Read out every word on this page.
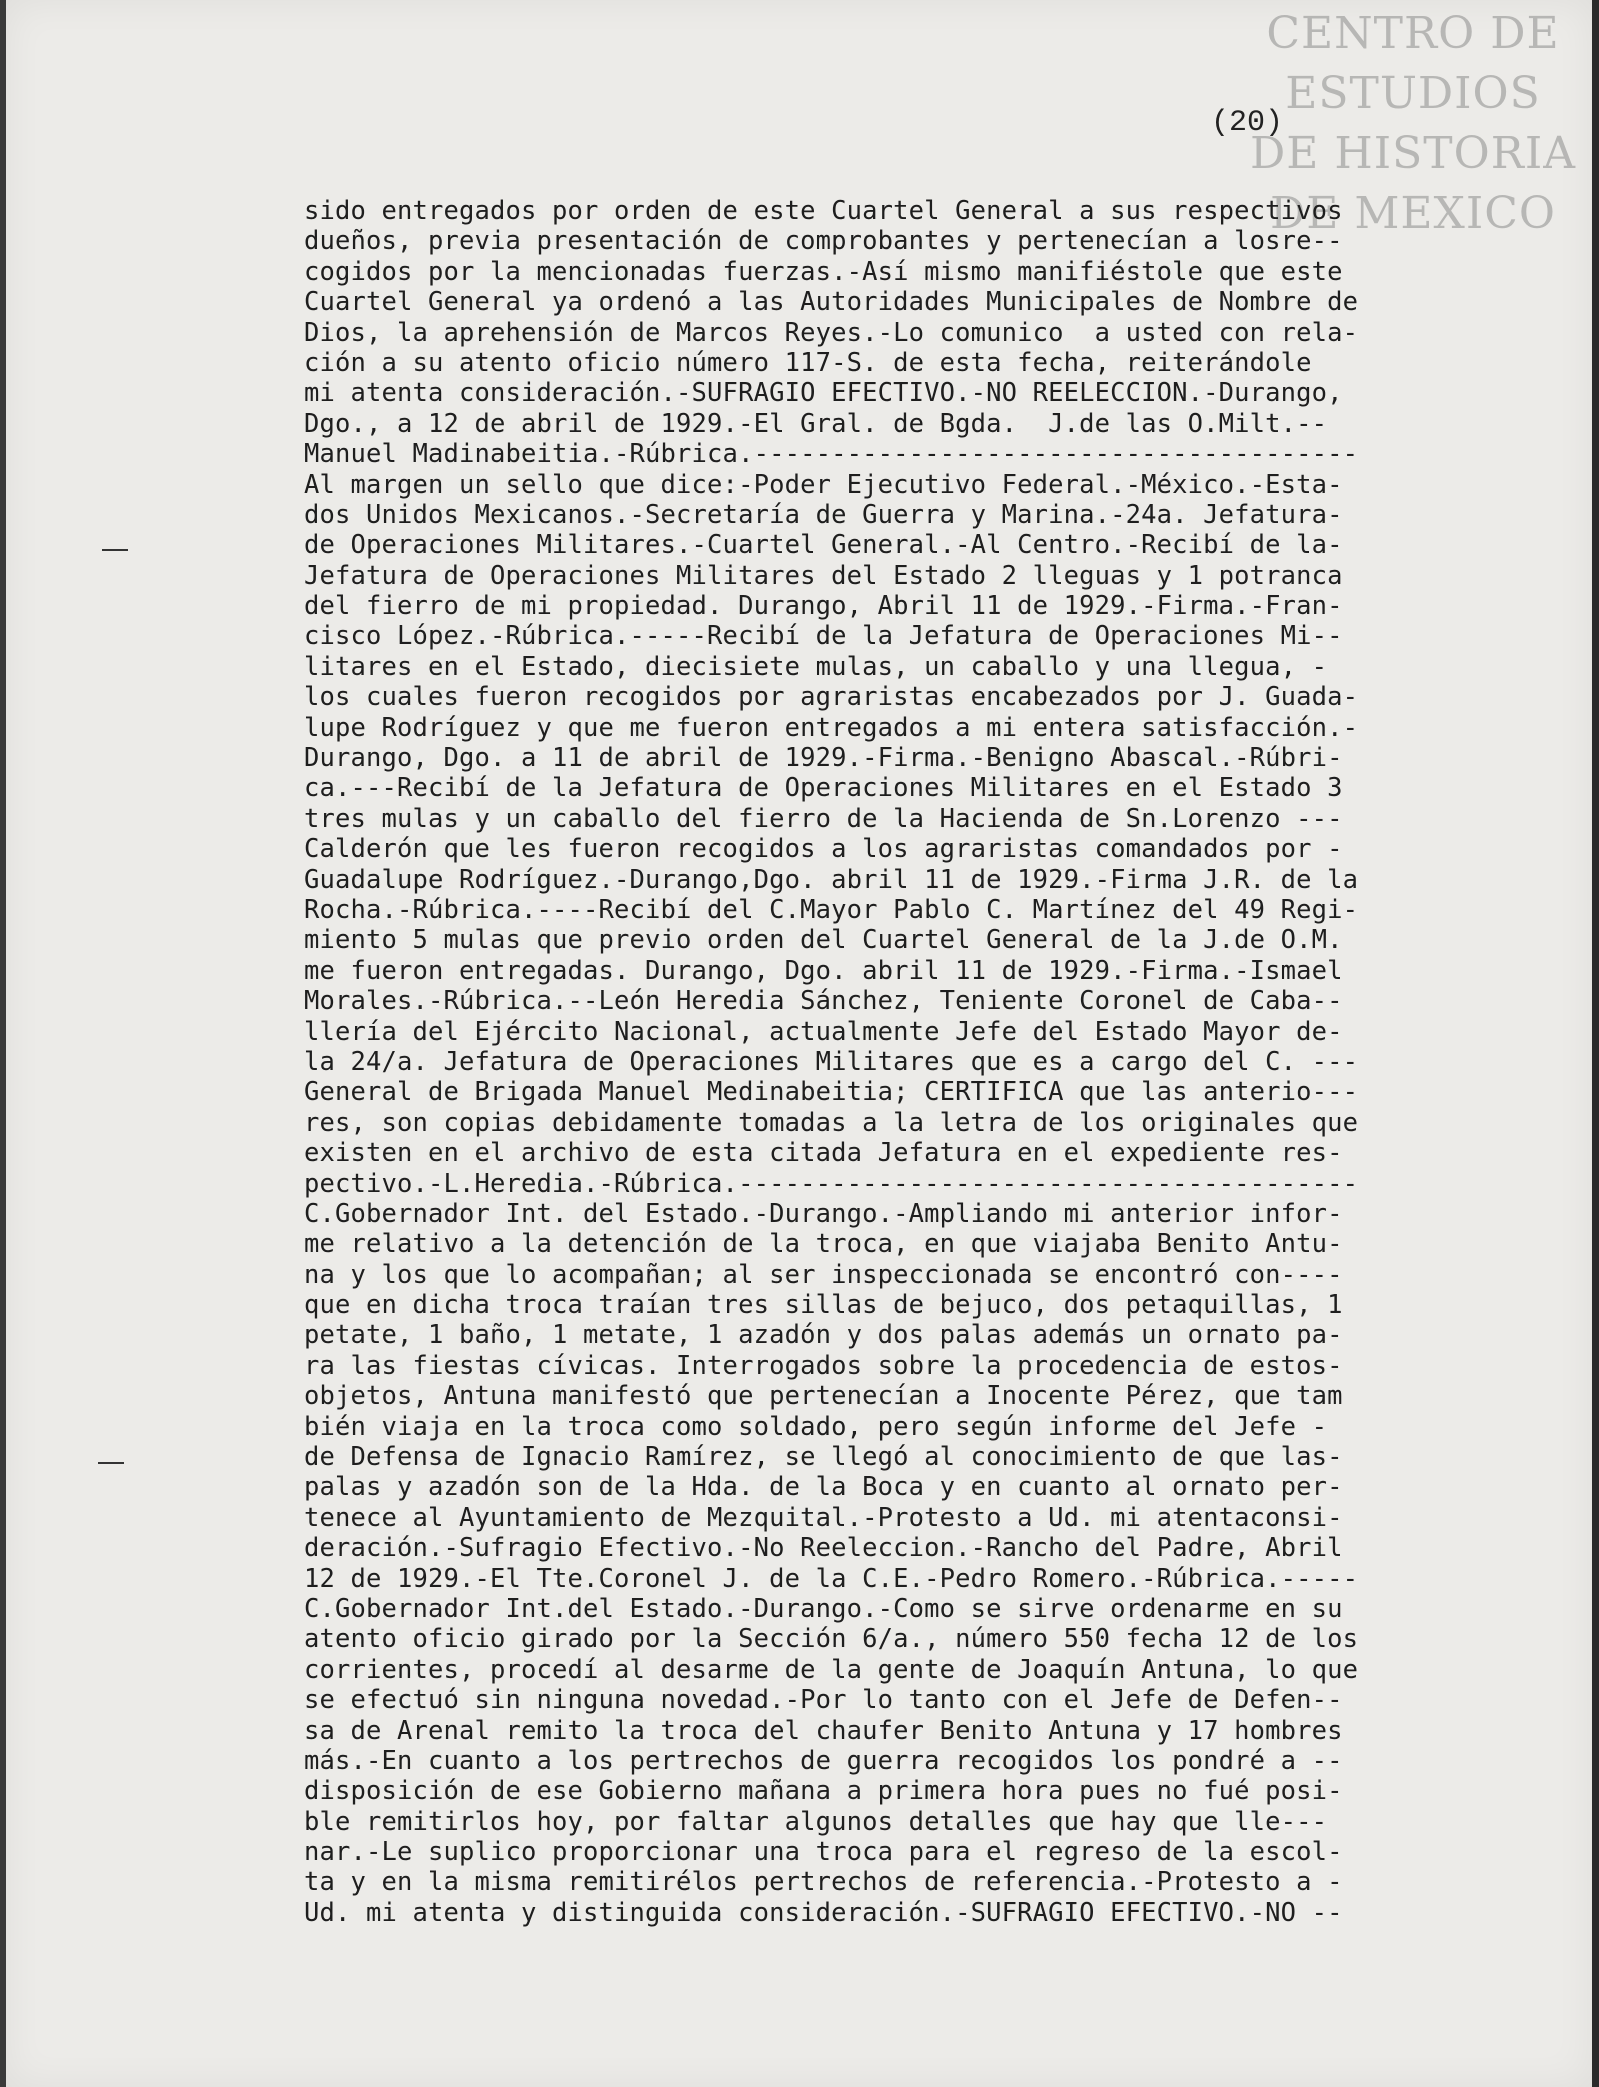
CENTRO DE
ESTUDIOS
DE HISTORIA
DE MEXICO
(20)
sido entregados por orden de este Cuartel General a sus respectivos
dueños, previa presentación de comprobantes y pertenecían a losre--
cogidos por la mencionadas fuerzas.-Así mismo manifiéstole que este
Cuartel General ya ordenó a las Autoridades Municipales de Nombre de
Dios, la aprehensión de Marcos Reyes.-Lo comunico  a usted con rela-
ción a su atento oficio número 117-S. de esta fecha, reiterándole
mi atenta consideración.-SUFRAGIO EFECTIVO.-NO REELECCION.-Durango,
Dgo., a 12 de abril de 1929.-El Gral. de Bgda.  J.de las O.Milt.--
Manuel Madinabeitia.-Rúbrica.---------------------------------------
Al margen un sello que dice:-Poder Ejecutivo Federal.-México.-Esta-
dos Unidos Mexicanos.-Secretaría de Guerra y Marina.-24a. Jefatura-
de Operaciones Militares.-Cuartel General.-Al Centro.-Recibí de la-
Jefatura de Operaciones Militares del Estado 2 lleguas y 1 potranca
del fierro de mi propiedad. Durango, Abril 11 de 1929.-Firma.-Fran-
cisco López.-Rúbrica.-----Recibí de la Jefatura de Operaciones Mi--
litares en el Estado, diecisiete mulas, un caballo y una llegua, -
los cuales fueron recogidos por agraristas encabezados por J. Guada-
lupe Rodríguez y que me fueron entregados a mi entera satisfacción.-
Durango, Dgo. a 11 de abril de 1929.-Firma.-Benigno Abascal.-Rúbri-
ca.---Recibí de la Jefatura de Operaciones Militares en el Estado 3
tres mulas y un caballo del fierro de la Hacienda de Sn.Lorenzo ---
Calderón que les fueron recogidos a los agraristas comandados por -
Guadalupe Rodríguez.-Durango,Dgo. abril 11 de 1929.-Firma J.R. de la
Rocha.-Rúbrica.----Recibí del C.Mayor Pablo C. Martínez del 49 Regi-
miento 5 mulas que previo orden del Cuartel General de la J.de O.M.
me fueron entregadas. Durango, Dgo. abril 11 de 1929.-Firma.-Ismael
Morales.-Rúbrica.--León Heredia Sánchez, Teniente Coronel de Caba--
llería del Ejército Nacional, actualmente Jefe del Estado Mayor de-
la 24/a. Jefatura de Operaciones Militares que es a cargo del C. ---
General de Brigada Manuel Medinabeitia; CERTIFICA que las anterio---
res, son copias debidamente tomadas a la letra de los originales que
existen en el archivo de esta citada Jefatura en el expediente res-
pectivo.-L.Heredia.-Rúbrica.----------------------------------------
C.Gobernador Int. del Estado.-Durango.-Ampliando mi anterior infor-
me relativo a la detención de la troca, en que viajaba Benito Antu-
na y los que lo acompañan; al ser inspeccionada se encontró con----
que en dicha troca traían tres sillas de bejuco, dos petaquillas, 1
petate, 1 baño, 1 metate, 1 azadón y dos palas además un ornato pa-
ra las fiestas cívicas. Interrogados sobre la procedencia de estos-
objetos, Antuna manifestó que pertenecían a Inocente Pérez, que tam
bién viaja en la troca como soldado, pero según informe del Jefe -
de Defensa de Ignacio Ramírez, se llegó al conocimiento de que las-
palas y azadón son de la Hda. de la Boca y en cuanto al ornato per-
tenece al Ayuntamiento de Mezquital.-Protesto a Ud. mi atentaconsi-
deración.-Sufragio Efectivo.-No Reeleccion.-Rancho del Padre, Abril
12 de 1929.-El Tte.Coronel J. de la C.E.-Pedro Romero.-Rúbrica.-----
C.Gobernador Int.del Estado.-Durango.-Como se sirve ordenarme en su
atento oficio girado por la Sección 6/a., número 550 fecha 12 de los
corrientes, procedí al desarme de la gente de Joaquín Antuna, lo que
se efectuó sin ninguna novedad.-Por lo tanto con el Jefe de Defen--
sa de Arenal remito la troca del chaufer Benito Antuna y 17 hombres
más.-En cuanto a los pertrechos de guerra recogidos los pondré a --
disposición de ese Gobierno mañana a primera hora pues no fué posi-
ble remitirlos hoy, por faltar algunos detalles que hay que lle---
nar.-Le suplico proporcionar una troca para el regreso de la escol-
ta y en la misma remitirélos pertrechos de referencia.-Protesto a -
Ud. mi atenta y distinguida consideración.-SUFRAGIO EFECTIVO.-NO --
